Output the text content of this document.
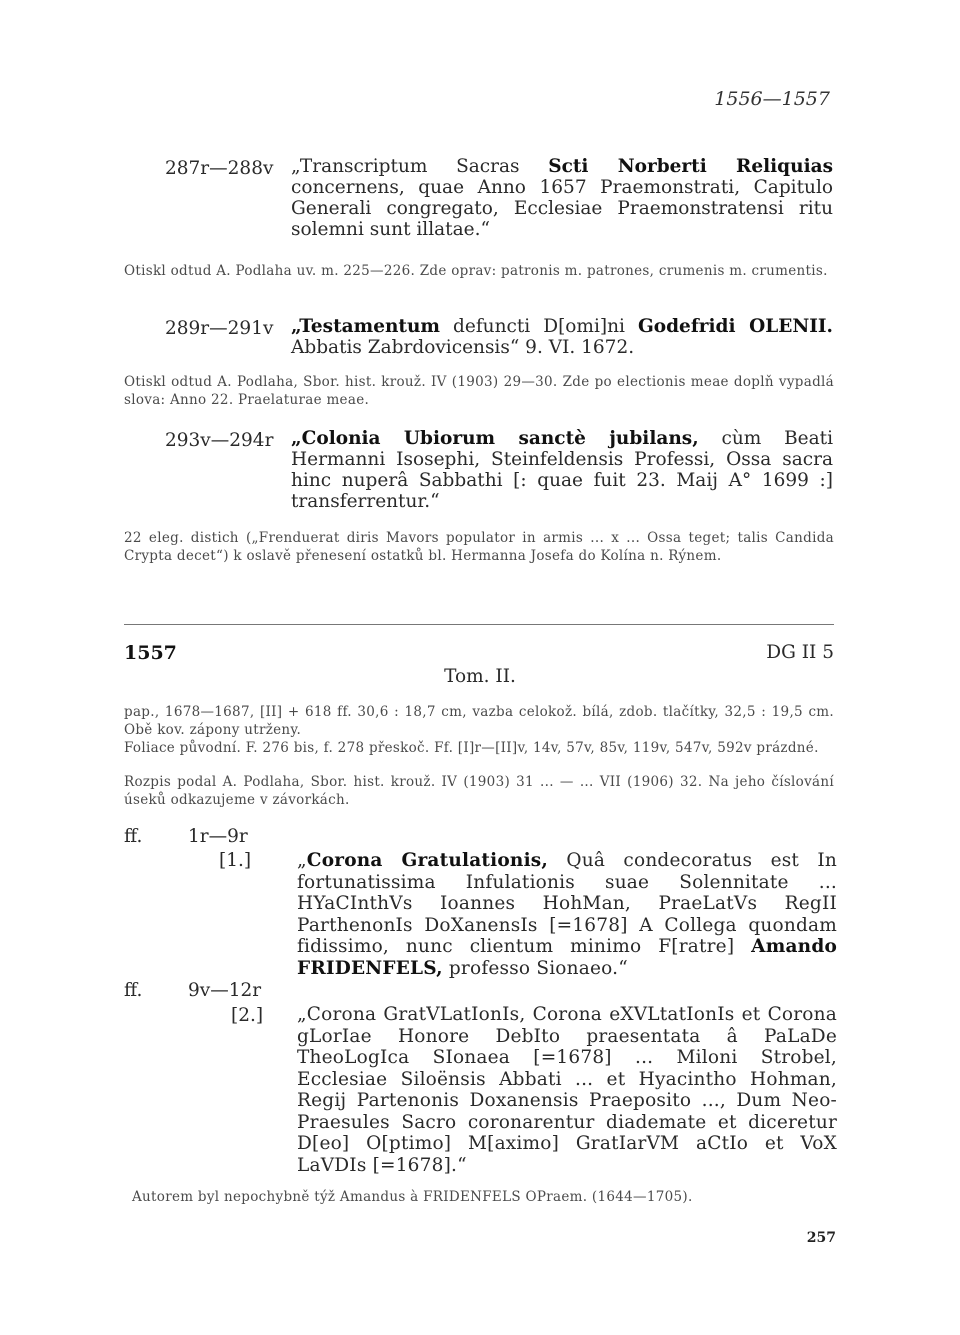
1556—1557
287r—288v „Transcriptum Sacras Scti Norberti Reliquias concernens, quae Anno 1657 Praemonstrati, Capitulo Generali congregato, Ecclesiae Praemonstratensi ritu solemni sunt illatae.“
Otiskl odtud A. Podlaha uv. m. 225—226. Zde oprav: patronis m. patrones, crumenis m. crumentis.
289r—291v „Testamentum defuncti D[omi]ni Godefridi OLENII. Abbatis Zabrdovicensis“ 9. VI. 1672.
Otiskl odtud A. Podlaha, Sbor. hist. krouž. IV (1903) 29—30. Zde po electionis meae doplň vypadlá slova: Anno 22. Praelaturae meae.
293v—294r „Colonia Ubiorum sanctè jubilans, cùm Beati Hermanni Isosephi, Steinfeldensis Professi, Ossa sacra hinc nuperâ Sabbathi [: quae fuit 23. Maij A° 1699 :] transferrentur.“
22 eleg. distich („Frenduerat diris Mavors populator in armis ... x ... Ossa teget; talis Candida Crypta decet“) k oslavě přenesení ostatků bl. Hermanna Josefa do Kolína n. Rýnem.
1557	DG II 5
Tom. II.
pap., 1678—1687, [II] + 618 ff. 30,6 : 18,7 cm, vazba celokož. bílá, zdob. tlačítky, 32,5 : 19,5 cm. Obě kov. zápony utrženy.
Foliace původní. F. 276 bis, f. 278 přeskoč. Ff. [I]r—[II]v, 14v, 57v, 85v, 119v, 547v, 592v prázdné.
Rozpis podal A. Podlaha, Sbor. hist. krouž. IV (1903) 31 ... — ... VII (1906) 32. Na jeho číslování úseků odkazujeme v závorkách.
ff. 1r—9r
[1.] „Corona Gratulationis, Quâ condecoratus est In fortunatissima Infulationis suae Solennitate ... HYaCInthVs Ioannes HohMan, PraeLatVs RegII ParthenonIs DoXanensIs [=1678] A Collega quondam fidissimo, nunc clientum minimo F[ratre] Amando FRIDENFELS, professo Sionaeo.“
ff. 9v—12r
[2.] „Corona GratVLatIonIs, Corona eXVLtatIonIs et Corona gLorIae Honore DebIto praesentata â PaLaDe TheoLogIca SIonaea [=1678] ... Miloni Strobel, Ecclesiae Siloënsis Abbati ... et Hyacintho Hohman, Regij Partenonis Doxanensis Praeposito ..., Dum Neo-Praesules Sacro coronarentur diademate et diceretur D[eo] O[ptimo] M[aximo] GratIarVM aCtIo et VoX LaVDIs [=1678].“
Autorem byl nepochybně týž Amandus à FRIDENFELS OPraem. (1644—1705).
257
